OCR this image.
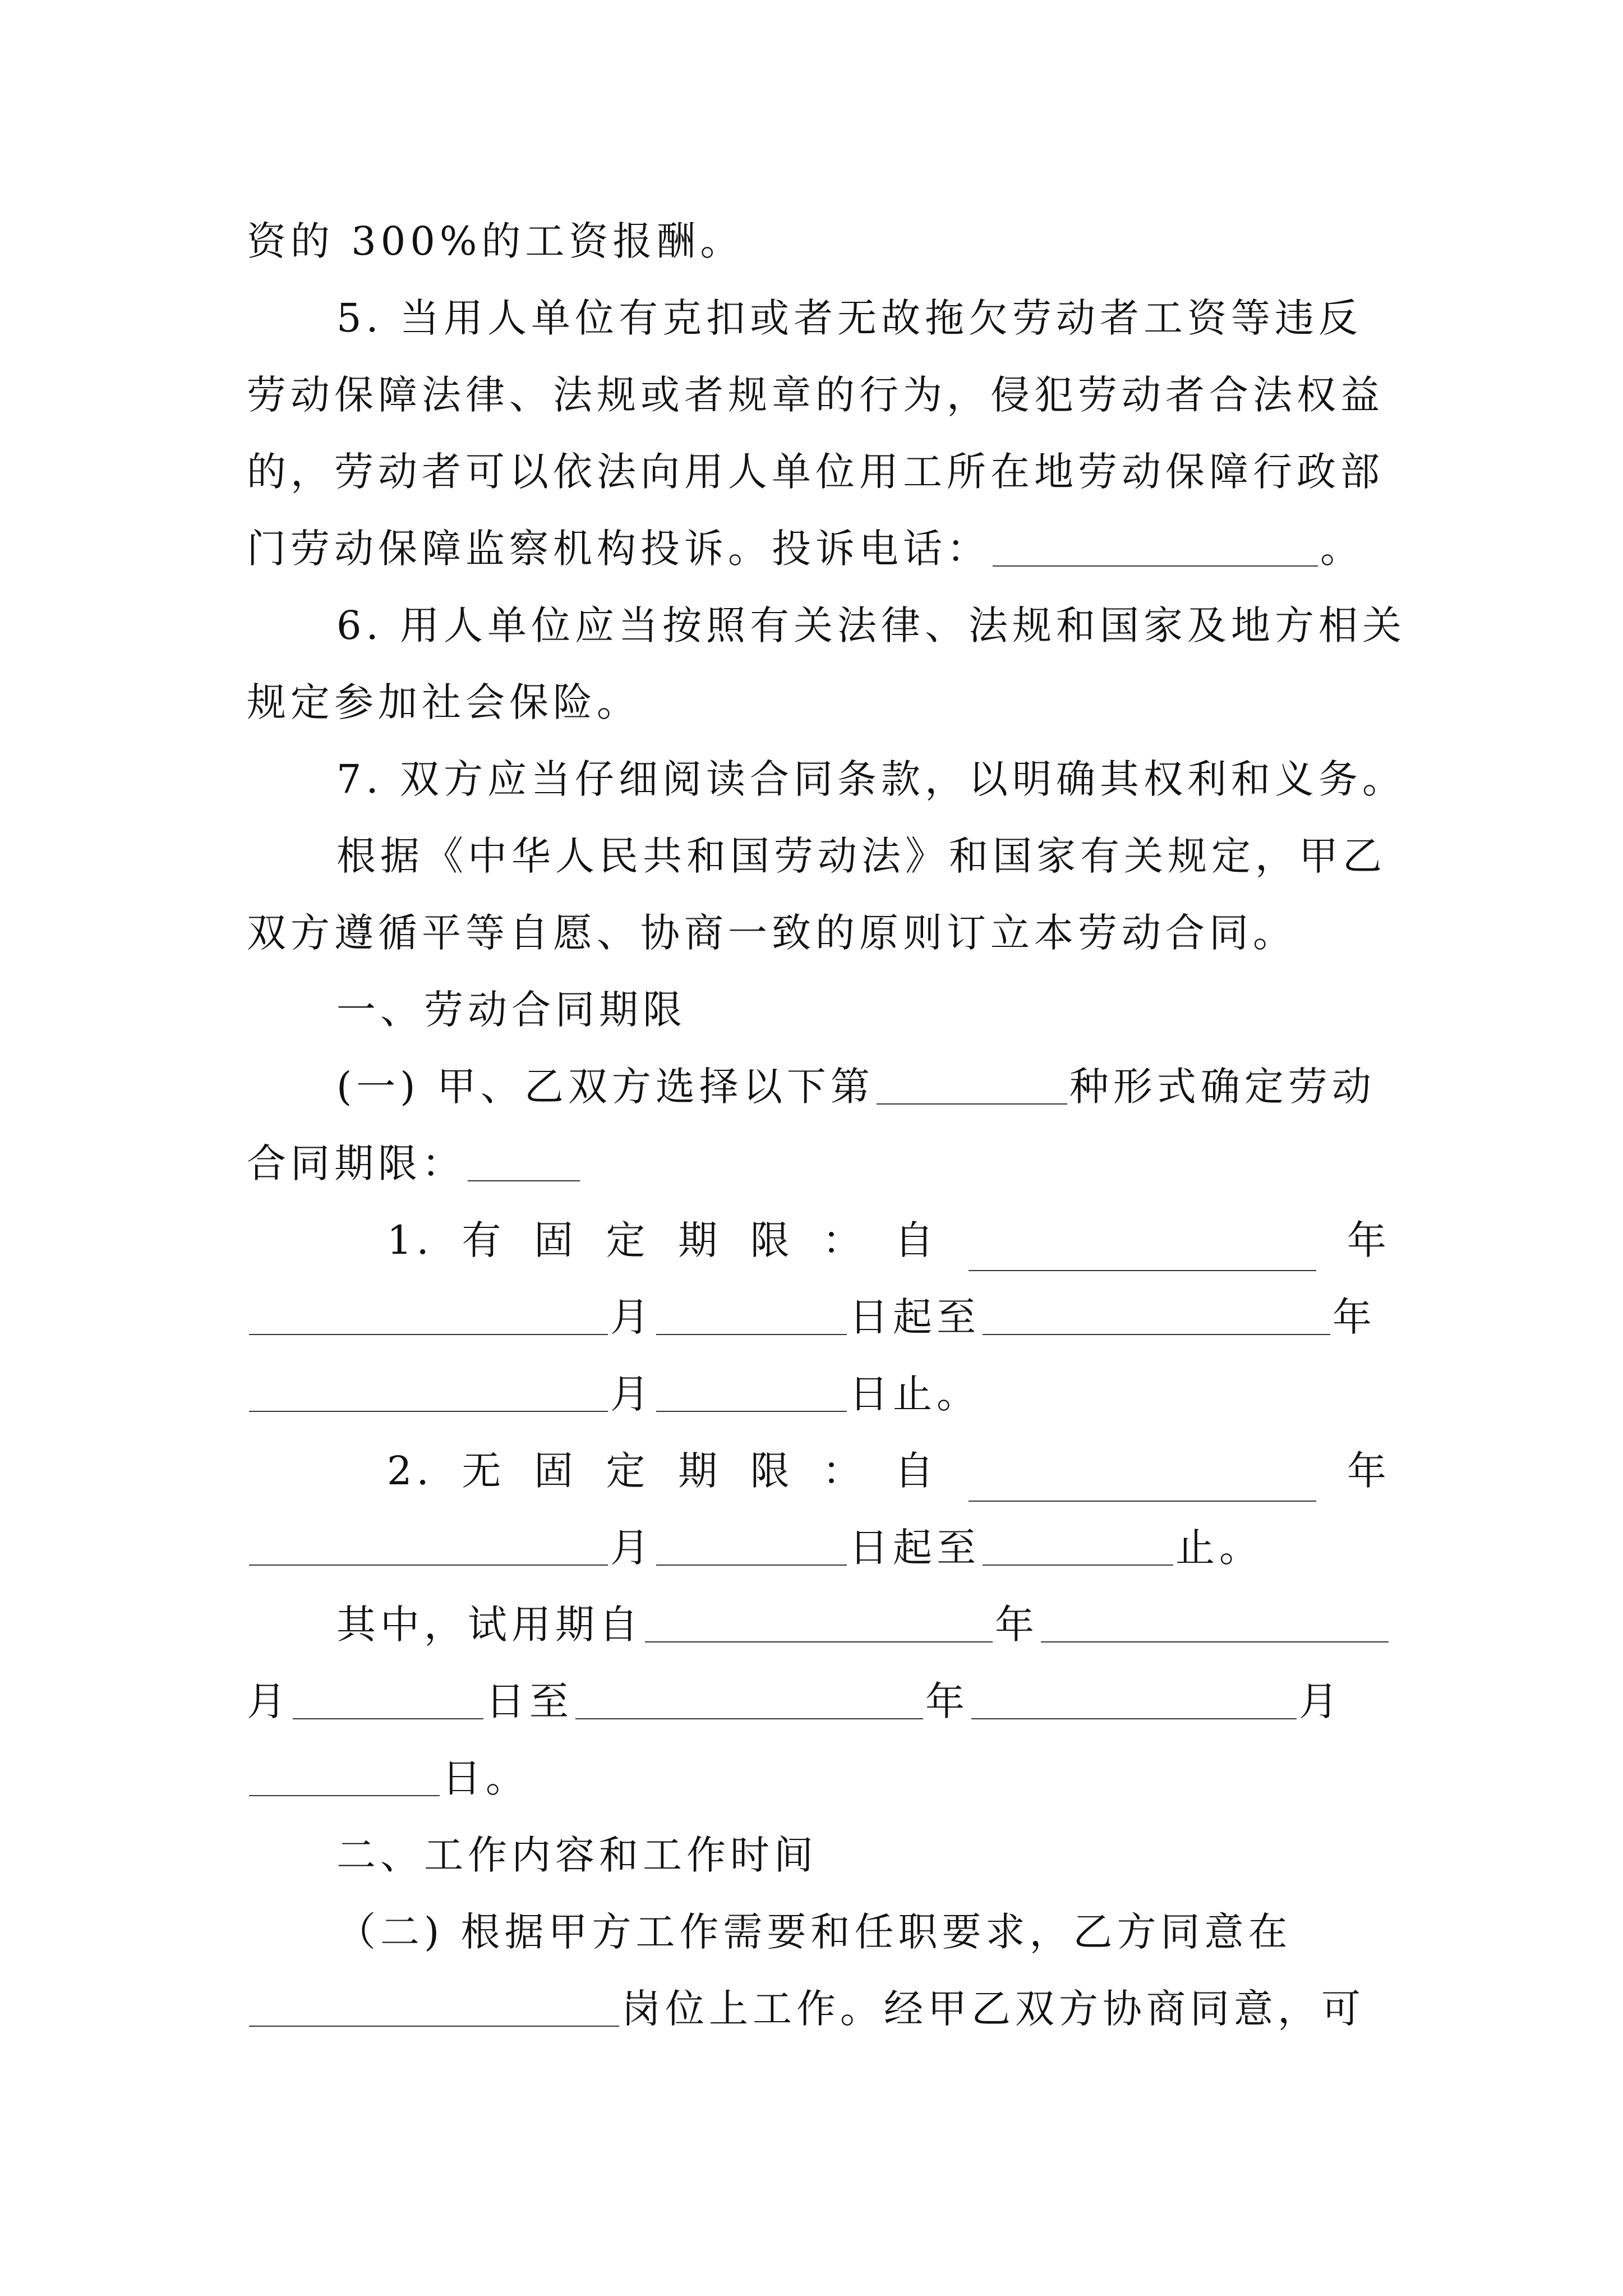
资的 300%的工资报酬。
5. 当用人单位有克扣或者无故拖欠劳动者工资等违反
劳动保障法律、法规或者规章的行为，侵犯劳动者合法权益
的，劳动者可以依法向用人单位用工所在地劳动保障行政部
门劳动保障监察机构投诉。投诉电话：	。
6. 用人单位应当按照有关法律、法规和国家及地方相关
规定参加社会保险。
7. 双方应当仔细阅读合同条款，以明确其权利和义务。
根据《中华人民共和国劳动法》和国家有关规定，甲乙
双方遵循平等自愿、协商一致的原则订立本劳动合同。
一、劳动合同期限
(一) 甲、乙双方选择以下第	种形式确定劳动
合同期限：
1. 有 固 定 期 限 ： 自	年
月	日起至	年
月	日止。
2. 无 固 定 期 限 ： 自	年
月	日起至	止。
其中，试用期自	年
月	日至	年	月
日。
二、工作内容和工作时间
（二) 根据甲方工作需要和任职要求，乙方同意在
岗位上工作。经甲乙双方协商同意，可
